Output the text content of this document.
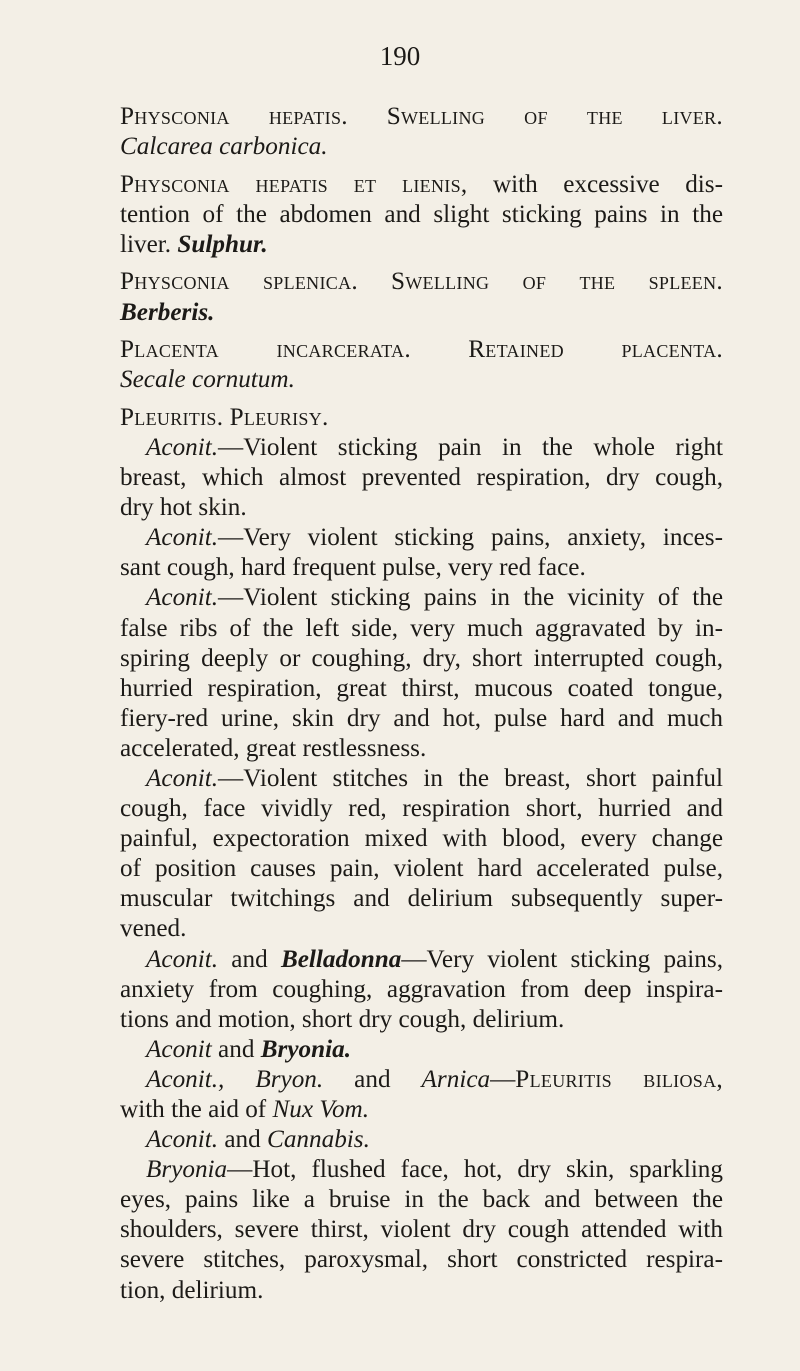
190

Physconia hepatis. Swelling of the liver.
Calcarea carbonica.

Physconia hepatis et lienis, with excessive dis-
tention of the abdomen and slight sticking pains in the
liver. Sulphur.

Physconia splenica. Swelling of the spleen.
Berberis.

Placenta incarcerata. Retained placenta.
Secale cornutum.

Pleuritis. Pleurisy.

Aconit.—Violent sticking pain in the whole right
breast, which almost prevented respiration, dry cough,
dry hot skin.

Aconit.—Very violent sticking pains, anxiety, inces-
sant cough, hard frequent pulse, very red face.

Aconit.—Violent sticking pains in the vicinity of the
false ribs of the left side, very much aggravated by in-
spiring deeply or coughing, dry, short interrupted cough,
hurried respiration, great thirst, mucous coated tongue,
fiery-red urine, skin dry and hot, pulse hard and much
accelerated, great restlessness.

Aconit.—Violent stitches in the breast, short painful
cough, face vividly red, respiration short, hurried and
painful, expectoration mixed with blood, every change
of position causes pain, violent hard accelerated pulse,
muscular twitchings and delirium subsequently super-
vened.

Aconit. and Belladonna—Very violent sticking pains,
anxiety from coughing, aggravation from deep inspira-
tions and motion, short dry cough, delirium.

Aconit and Bryonia.

Aconit., Bryon. and Arnica—Pleuritis biliosa,
with the aid of Nux Vom.

Aconit. and Cannabis.

Bryonia—Hot, flushed face, hot, dry skin, sparkling
eyes, pains like a bruise in the back and between the
shoulders, severe thirst, violent dry cough attended with
severe stitches, paroxysmal, short constricted respira-
tion, delirium.
